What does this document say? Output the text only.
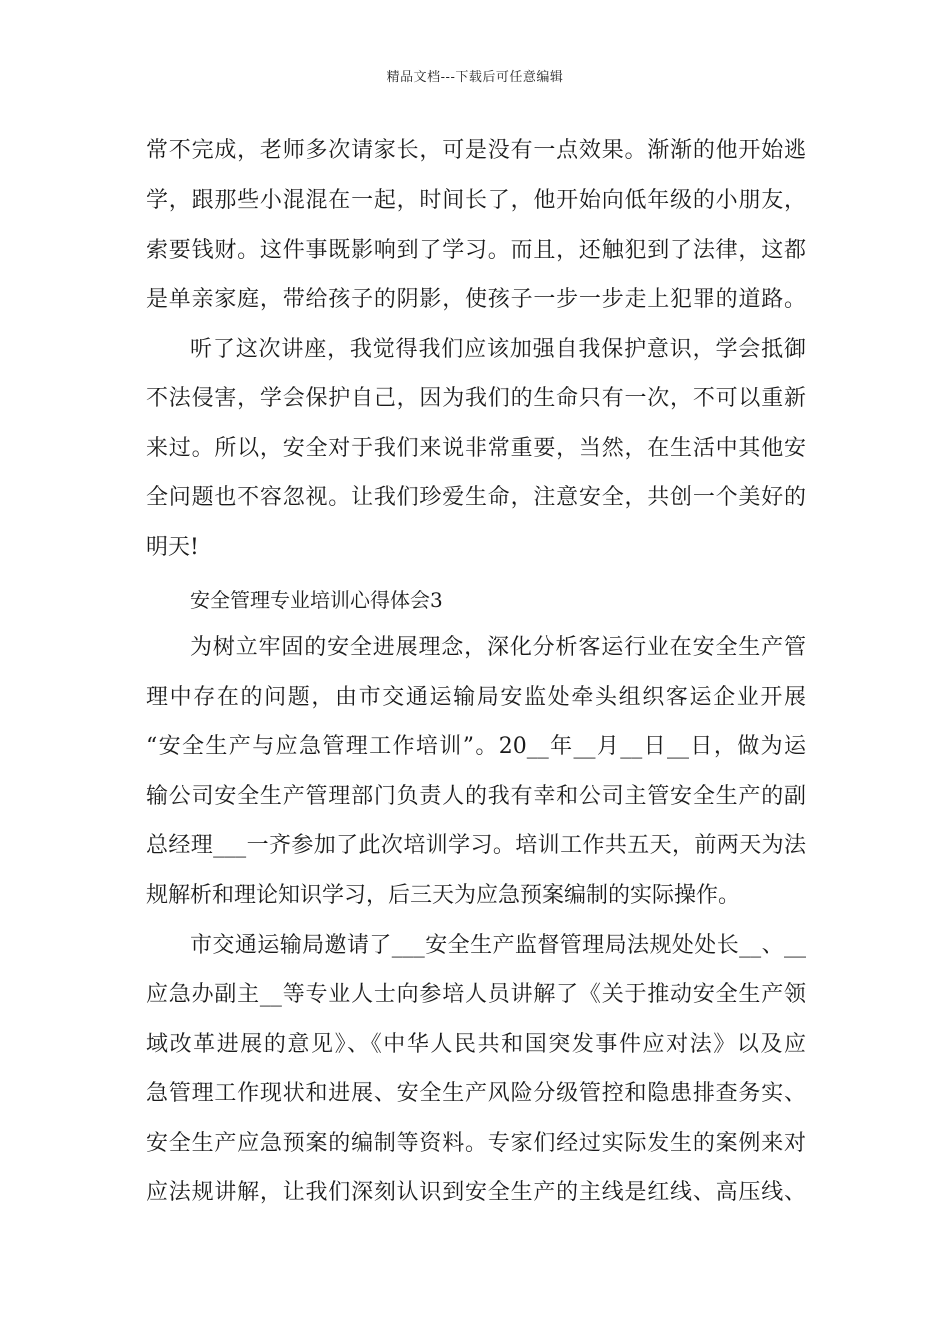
精品文档---下载后可任意编辑
常不完成，老师多次请家长，可是没有一点效果。渐渐的他开始逃
学，跟那些小混混在一起，时间长了，他开始向低年级的小朋友，
索要钱财。这件事既影响到了学习。而且，还触犯到了法律，这都
是单亲家庭，带给孩子的阴影，使孩子一步一步走上犯罪的道路。
听了这次讲座，我觉得我们应该加强自我保护意识，学会抵御
不法侵害，学会保护自己，因为我们的生命只有一次，不可以重新
来过。所以，安全对于我们来说非常重要，当然，在生活中其他安
全问题也不容忽视。让我们珍爱生命，注意安全，共创一个美好的
明天!
安全管理专业培训心得体会3
为树立牢固的安全进展理念，深化分析客运行业在安全生产管
理中存在的问题，由市交通运输局安监处牵头组织客运企业开展
“安全生产与应急管理工作培训”。20__年__月__日__日，做为运
输公司安全生产管理部门负责人的我有幸和公司主管安全生产的副
总经理___一齐参加了此次培训学习。培训工作共五天，前两天为法
规解析和理论知识学习，后三天为应急预案编制的实际操作。
市交通运输局邀请了___安全生产监督管理局法规处处长__、__
应急办副主__等专业人士向参培人员讲解了《关于推动安全生产领
域改革进展的意见》、《中华人民共和国突发事件应对法》以及应
急管理工作现状和进展、安全生产风险分级管控和隐患排查务实、
安全生产应急预案的编制等资料。专家们经过实际发生的案例来对
应法规讲解，让我们深刻认识到安全生产的主线是红线、高压线、
